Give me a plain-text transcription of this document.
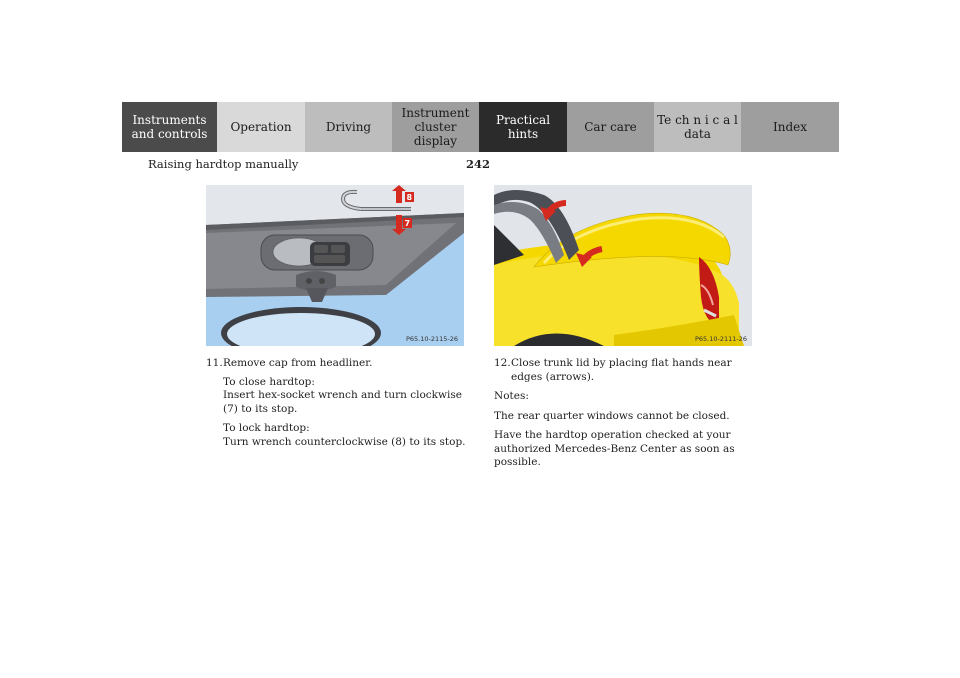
Instruments
and controls	Operation	Driving
Instrument
cluster display
Practical hints	Car care	Te ch n i c a l
data	Index
Raising hardtop manually	242
8
7
P65.10-2115-26	P65.10-2111-26
11. Remove cap from headliner.
To close hardtop:
Insert hex-socket wrench and turn clockwise (7) to its stop.
To lock hardtop:
Turn wrench counterclockwise (8) to its stop.
12. Close trunk lid by placing flat hands near edges (arrows).
Notes:
The rear quarter windows cannot be closed.
Have the hardtop operation checked at your authorized Mercedes-Benz Center as soon as possible.
